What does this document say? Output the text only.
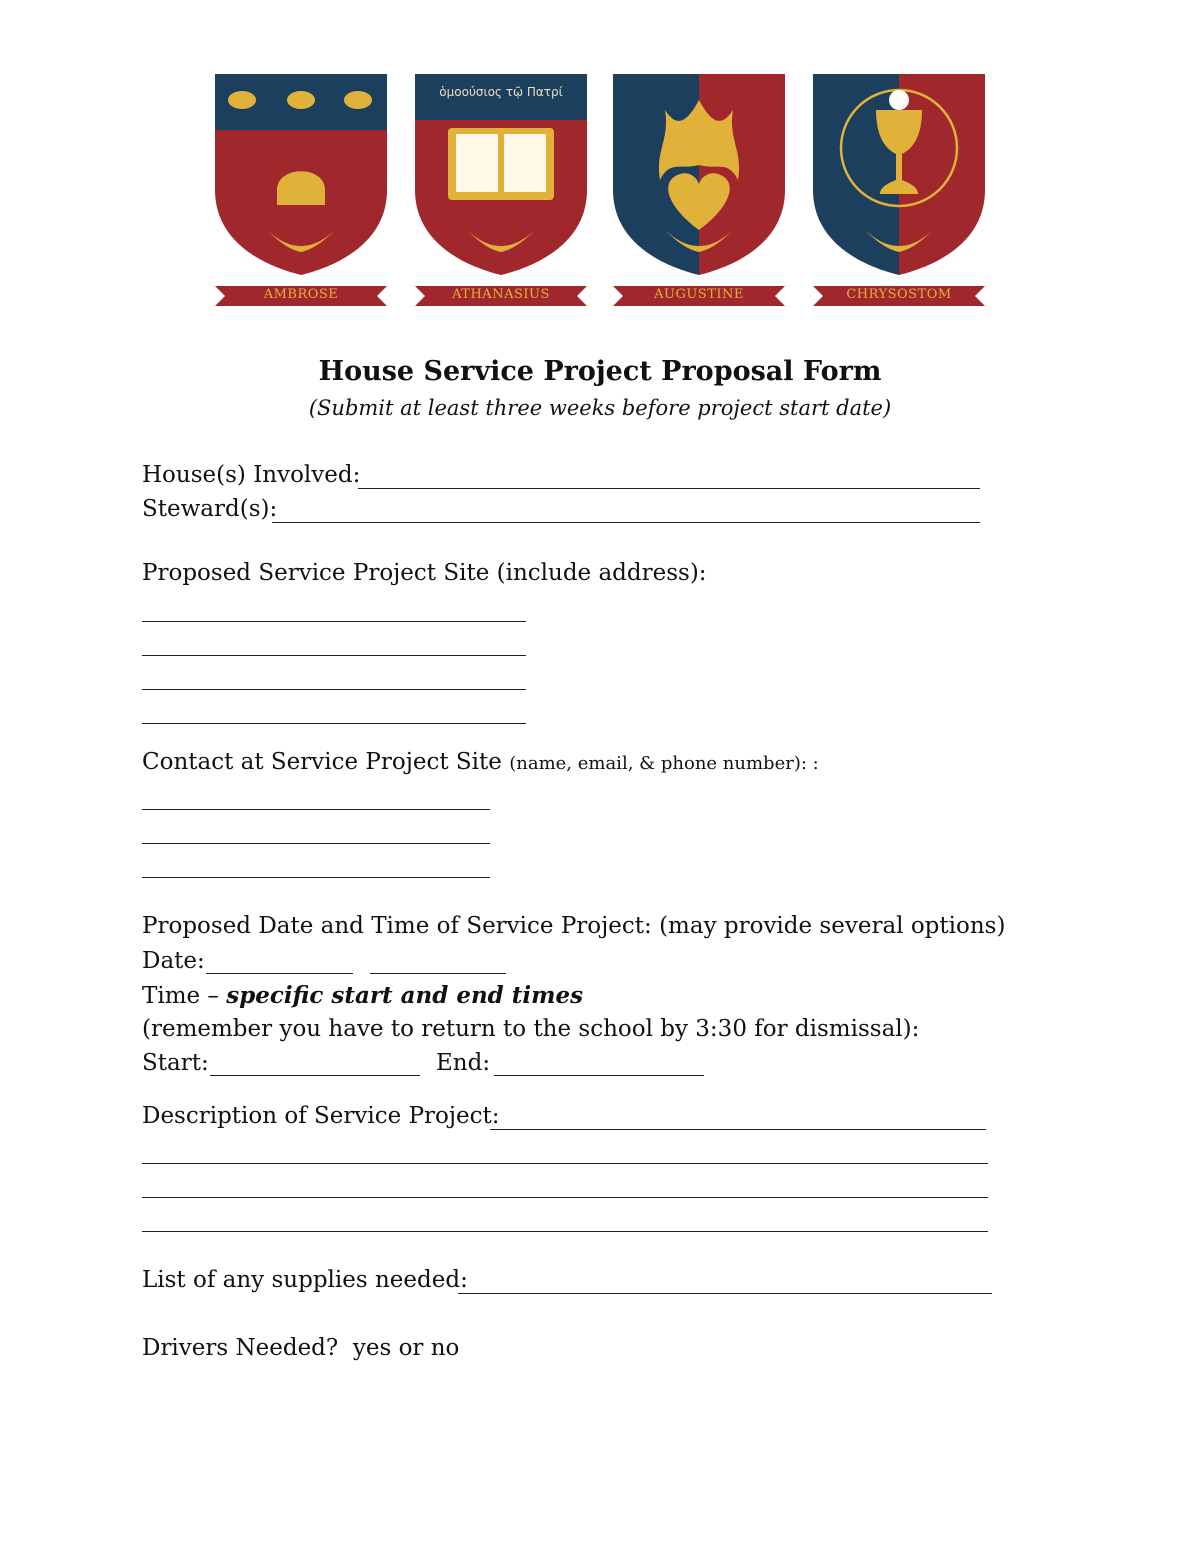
AMBROSE
ὁμοούσιος τῷ Πατρί
ATHANASIUS	AUGUSTINE	CHRYSOSTOM
House Service Project Proposal Form
(Submit at least three weeks before project start date)
House(s) Involved:
Steward(s):
Proposed Service Project Site (include address):
Contact at Service Project Site (name, email, & phone number): :
Proposed Date and Time of Service Project: (may provide several options)
Date:
Time – specific start and end times
(remember you have to return to the school by 3:30 for dismissal):
Start:	End:
Description of Service Project:
List of any supplies needed:
Drivers Needed?  yes or no
